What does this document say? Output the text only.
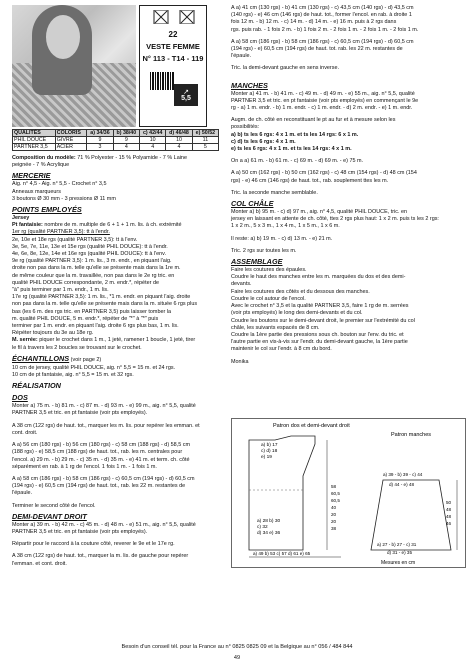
22
VESTE FEMME
N° 113 - T14 - 119
↗
5,5
QUALITÉS	COLORIS	a) 34/36	b) 38/40	c) 42/44	d) 46/48	e) 50/52
PHIL DOUCE	GIVRE	9	9	10	10	11
PARTNER 3,5	ACIER	3	4	4	4	5

Composition du modèle: 71 % Polyester - 15 % Polyamide - 7 % Laine

peignée - 7 % Acrylique

MERCERIE

Aig. n° 4,5 - Aig. n° 5,5 - Crochet n° 3,5

Anneaux marqueurs

3 boutons Ø 30 mm - 3 pressions Ø 11 mm

POINTS EMPLOYÉS

Jersey

Pt fantaisie: nombre de m. multiple de 6 + 1 + 1 m. lis. à ch. extrémité

1er rg (qualité PARTNER 3,5): tt à l'endr.

2e, 10e et 18e rgs (qualité PARTNER 3,5): tt à l'env.

3e, 5e, 7e, 11e, 13e et 15e rgs (qualité PHIL DOUCE): tt à l'endr.

4e, 6e, 8e, 12e, 14e et 16e rgs (qualité PHIL DOUCE): tt à l'env.

9e rg (qualité PARTNER 3,5): 1 m. lis., 3 m. endr., en piquant l'aig.

droite non pas dans la m. telle qu'elle se présente mais dans la 1re m.

de même couleur que la m. travaillée, non pas dans le 2e rg tric. en

qualité PHIL DOUCE correspondante, 2 m. endr.*, répéter de

"à" puis terminer par 1 m. endr., 1 m. lis.

17e rg (qualité PARTNER 3,5): 1 m. lis., *1 m. endr. en piquant l'aig. droite

non pas dans la m. telle qu'elle se présente mais dans la m. située 6 rgs plus

bas (les 6 m. des rgs tric. en PARTNER 3,5) puis laisser tomber la

m. qualité PHIL DOUCE, 5 m. endr.*, répéter de "*" à "*" puis

terminer par 1 m. endr. en piquant l'aig. droite 6 rgs plus bas, 1 m. lis.

Répéter toujours du 3e au 18e rg.

M. serrée: piquer le crochet dans 1 m., 1 jeté, ramener 1 boucle, 1 jeté, tirer

le fil à travers les 2 boucles se trouvant sur le crochet.

ÉCHANTILLONS (voir page 2)

10 cm de jersey, qualité PHIL DOUCE, aig. n° 5,5 = 15 m. et 24 rgs.

10 cm de pt fantaisie, aig. n° 5,5 = 15 m. et 32 rgs.

RÉALISATION
DOS

Monter a) 75 m. - b) 81 m. - c) 87 m. - d) 93 m. - e) 99 m., aig. n° 5,5, qualité

PARTNER 3,5 et tric. en pt fantaisie (voir pts employés).

A 38 cm (122 rgs) de haut. tot., marquer les m. lis. pour repérer les emman. et

cont. droit.

A a) 56 cm (180 rgs) - b) 56 cm (180 rgs) - c) 58 cm (188 rgs) - d) 58,5 cm

(188 rgs) - e) 58,5 cm (188 rgs) de haut. tot., rab. les m. centrales pour

l'encol. a) 29 m. - b) 29 m. - c) 35 m. - d) 35 m. - e) 41 m. et term. ch. côté

séparément en rab. à 1 rg de l'encol. 1 fois 1 m. - 1 fois 1 m.

A a) 58 cm (186 rgs) - b) 58 cm (186 rgs) - c) 60,5 cm (194 rgs) - d) 60,5 cm

(194 rgs) - e) 60,5 cm (194 rgs) de haut. tot., rab. les 22 m. restantes de

l'épaule.

Terminer le second côté de l'encol.

DEMI-DEVANT DROIT

Monter a) 39 m. - b) 42 m. - c) 45 m. - d) 48 m. - e) 51 m., aig. n° 5,5, qualité

PARTNER 3,5 et tric. en pt fantaisie (voir pts employés).

Répartir pour le raccord à la couture côté, reverer le 9e et le 17e rg.

A 38 cm (122 rgs) de haut. tot., marquer la m. lis. de gauche pour repérer

l'emman. et cont. droit.

A a) 41 cm (130 rgs) - b) 41 cm (130 rgs) - c) 43,5 cm (140 rgs) - d) 43,5 cm

(140 rgs) - e) 46 cm (146 rgs) de haut. tot., former l'encol. en rab. à droite 1

fois 12 m. - b) 12 m. - c) 14 m. - d) 14 m. - e) 16 m. puis à 2 rgs dans

rgs. puis rab. - 1 fois 2 m. - b) 1 fois 2 m. - 2 fois 1 m. - 2 fois 1 m. - 2 fois 1 m.

A a) 58 cm (186 rgs) - b) 58 cm (186 rgs) - c) 60,5 cm (194 rgs) - d) 60,5 cm

(194 rgs) - e) 60,5 cm (194 rgs) de haut. tot. rab. les 22 m. restantes de

l'épaule.

Tric. la demi-devant gauche en sens inverse.

MANCHES

Monter a) 41 m. - b) 41 m. - c) 49 m. - d) 49 m. - e) 55 m., aig. n° 5,5, qualité

PARTNER 3,5 et tric. en pt fantaisie (voir pts employés) en commençant le 9e

rg - a) 1 m. endr. - b) 1 m. endr. - c) 1 m. endr. - d) 2 m. endr. - e) 1 m. endr.

Augm. de ch. côté en reconstituant le pt au fur et à mesure selon les

possibilités:

a) b) ts les 6 rgs: 4 x 1 m. et ts les 14 rgs: 6 x 1 m.

c) d) ts les 6 rgs: 4 x 1 m.

e) ts les 6 rgs: 4 x 1 m. et ts les 14 rgs: 4 x 1 m.

On a a) 61 m. - b) 61 m. - c) 69 m. - d) 69 m. - e) 75 m.

A a) 50 cm (162 rgs) - b) 50 cm (162 rgs) - c) 48 cm (154 rgs) - d) 48 cm (154

rgs) - e) 46 cm (146 rgs) de haut. tot., rab. souplement ttes les m.

Tric. la seconde manche semblable.

COL CHÂLE

Monter a) b) 95 m. - c) d) 97 m., aig. n° 4,5, qualité PHIL DOUCE, tric. en

jersey en laissant en attente de ch. côté, ttes 2 rgs plus haut: 1 x 2 m. puis ts les 2 rgs:

1 x 2 m., 5 x 3 m., 1 x 4 m., 1 x 5 m., 1 x 6 m.

Il reste: a) b) 19 m. - c) d) 13 m. - e) 21 m.

Tric. 2 rgs sur toutes les m.

ASSEMBLAGE

Faire les coutures des épaules.

Coudre le haut des manches entre les m. marquées du dos et des demi-

devants.

Faire les coutures des côtés et du dessous des manches.

Coudre le col autour de l'encol.

Avec le crochet n° 3,5 et la qualité PARTNER 3,5, faire 1 rg de m. serrées

(voir pts employés) le long des demi-devants et du col.

Coudre les boutons sur le demi-devant droit, le premier sur l'extrémité du col

châle, les suivants espacés de 8 cm.

Coudre la 1ère partie des pressions sous ch. bouton sur l'env. du tric. et

l'autre partie en vis-à-vis sur l'endr. du demi-devant gauche, la 1ère partie

maintenir le col sur l'endr. à 8 cm du bord.

Monika

Patron dos et demi-devant droit
Patron manches
a) b) 17
c) d) 18
e) 19
a) 28 b) 30
c) 32
d) 34 e) 36
a) 49 b) 53 c) 57 d) 61 e) 65
58
60,5
60,5
40
20
20
38
a) 39 - b) 39 - c) 44
d) 44 - e) 48
a) 27 - b) 27 - c) 31
d) 31 - e) 35
50
48
48
46
Mesures en cm
Besoin d'un conseil tél. pour la France au n° 0825 0825 09 et la Belgique au n° 056 / 484 844
49
